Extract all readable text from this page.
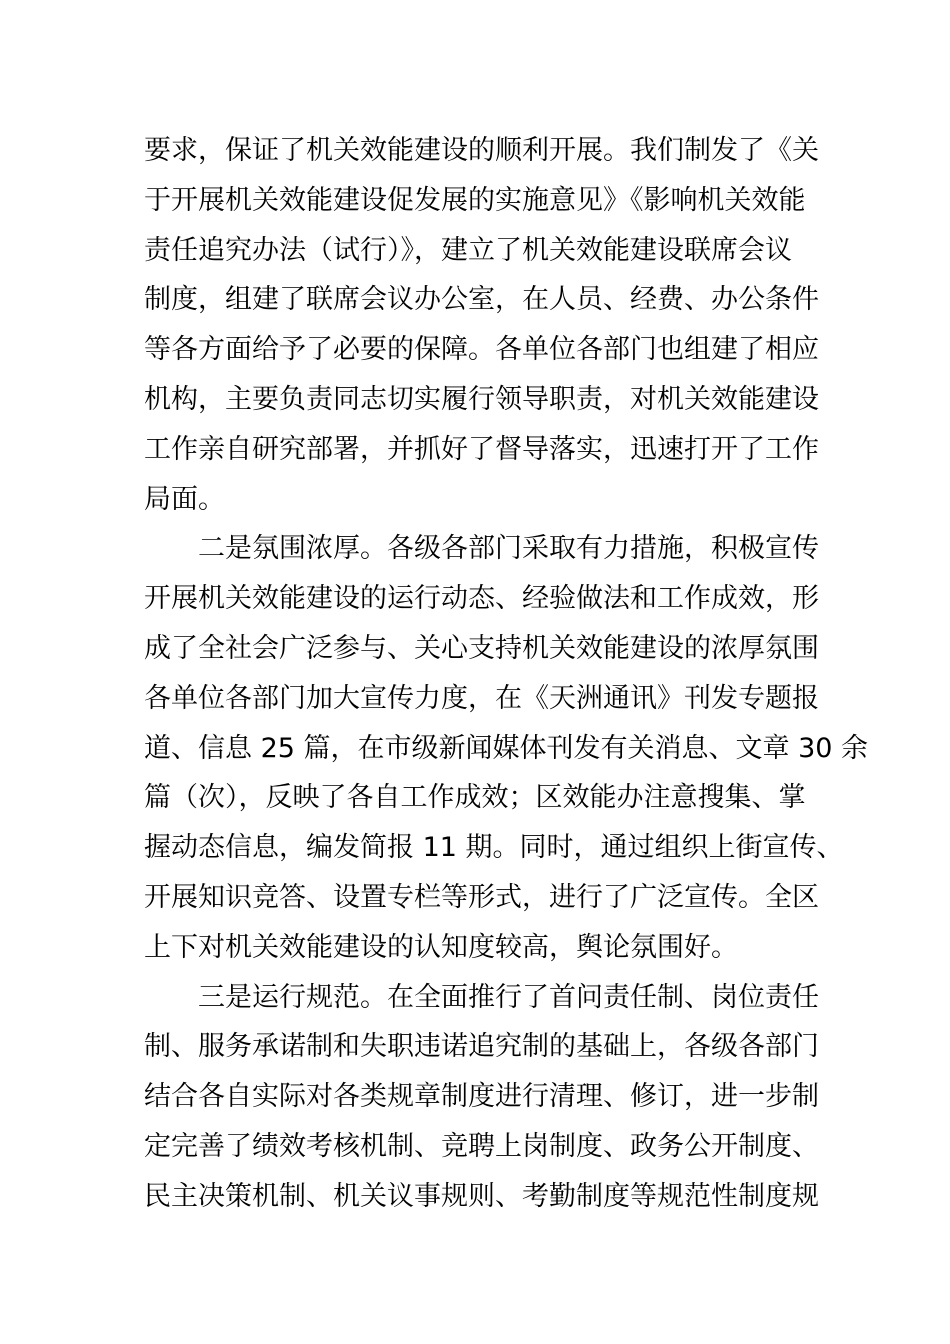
要求，保证了机关效能建设的顺利开展。我们制发了《关
于开展机关效能建设促发展的实施意见》《影响机关效能
责任追究办法（试行）》，建立了机关效能建设联席会议
制度，组建了联席会议办公室，在人员、经费、办公条件
等各方面给予了必要的保障。各单位各部门也组建了相应
机构，主要负责同志切实履行领导职责，对机关效能建设
工作亲自研究部署，并抓好了督导落实，迅速打开了工作
局面。
二是氛围浓厚。各级各部门采取有力措施，积极宣传
开展机关效能建设的运行动态、经验做法和工作成效，形
成了全社会广泛参与、关心支持机关效能建设的浓厚氛围
各单位各部门加大宣传力度，在《天洲通讯》刊发专题报
道、信息 25 篇，在市级新闻媒体刊发有关消息、文章 30 余
篇（次），反映了各自工作成效；区效能办注意搜集、掌
握动态信息，编发简报 11 期。同时，通过组织上街宣传、
开展知识竞答、设置专栏等形式，进行了广泛宣传。全区
上下对机关效能建设的认知度较高，舆论氛围好。
三是运行规范。在全面推行了首问责任制、岗位责任
制、服务承诺制和失职违诺追究制的基础上，各级各部门
结合各自实际对各类规章制度进行清理、修订，进一步制
定完善了绩效考核机制、竞聘上岗制度、政务公开制度、
民主决策机制、机关议事规则、考勤制度等规范性制度规
